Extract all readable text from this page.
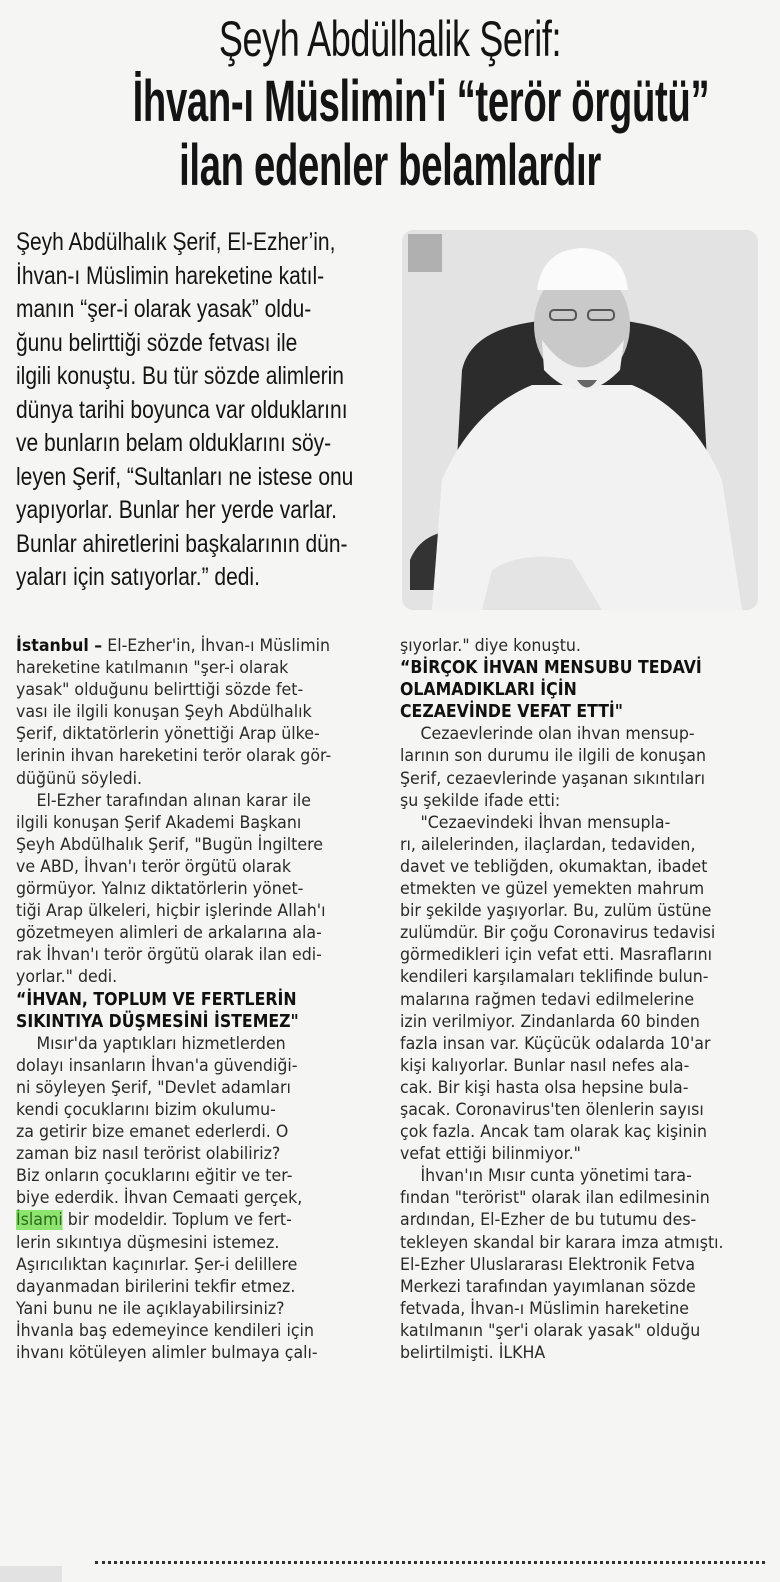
Şeyh Abdülhalik Şerif:
İhvan-ı Müslimin'i “terör örgütü”
ilan edenler belamlardır
Şeyh Abdülhalık Şerif, El-Ezher’in,
İhvan-ı Müslimin hareketine katıl-
manın “şer-i olarak yasak” oldu-
ğunu belirttiği sözde fetvası ile
ilgili konuştu. Bu tür sözde alimlerin
dünya tarihi boyunca var olduklarını
ve bunların belam olduklarını söy-
leyen Şerif, “Sultanları ne istese onu
yapıyorlar. Bunlar her yerde varlar.
Bunlar ahiretlerini başkalarının dün-
yaları için satıyorlar.” dedi.
İstanbul – El-Ezher'in, İhvan-ı Müslimin
hareketine katılmanın "şer-i olarak
yasak" olduğunu belirttiği sözde fet-
vası ile ilgili konuşan Şeyh Abdülhalık
Şerif, diktatörlerin yönettiği Arap ülke-
lerinin ihvan hareketini terör olarak gör-
düğünü söyledi.
El-Ezher tarafından alınan karar ile
ilgili konuşan Şerif Akademi Başkanı
Şeyh Abdülhalık Şerif, "Bugün İngiltere
ve ABD, İhvan'ı terör örgütü olarak
görmüyor. Yalnız diktatörlerin yönet-
tiği Arap ülkeleri, hiçbir işlerinde Allah'ı
gözetmeyen alimleri de arkalarına ala-
rak İhvan'ı terör örgütü olarak ilan edi-
yorlar." dedi.
“İHVAN, TOPLUM VE FERTLERİN
SIKINTIYA DÜŞMESİNİ İSTEMEZ"
Mısır'da yaptıkları hizmetlerden
dolayı insanların İhvan'a güvendiği-
ni söyleyen Şerif, "Devlet adamları
kendi çocuklarını bizim okulumu-
za getirir bize emanet ederlerdi. O
zaman biz nasıl terörist olabiliriz?
Biz onların çocuklarını eğitir ve ter-
biye ederdik. İhvan Cemaati gerçek,
İslami bir modeldir. Toplum ve fert-
lerin sıkıntıya düşmesini istemez.
Aşırıcılıktan kaçınırlar. Şer-i delillere
dayanmadan birilerini tekfir etmez.
Yani bunu ne ile açıklayabilirsiniz?
İhvanla baş edemeyince kendileri için
ihvanı kötüleyen alimler bulmaya çalı-
şıyorlar." diye konuştu.
“BİRÇOK İHVAN MENSUBU TEDAVİ
OLAMADIKLARI İÇİN
CEZAEVİNDE VEFAT ETTİ"
Cezaevlerinde olan ihvan mensup-
larının son durumu ile ilgili de konuşan
Şerif, cezaevlerinde yaşanan sıkıntıları
şu şekilde ifade etti:
"Cezaevindeki İhvan mensupla-
rı, ailelerinden, ilaçlardan, tedaviden,
davet ve tebliğden, okumaktan, ibadet
etmekten ve güzel yemekten mahrum
bir şekilde yaşıyorlar. Bu, zulüm üstüne
zulümdür. Bir çoğu Coronavirus tedavisi
görmedikleri için vefat etti. Masraflarını
kendileri karşılamaları teklifinde bulun-
malarına rağmen tedavi edilmelerine
izin verilmiyor. Zindanlarda 60 binden
fazla insan var. Küçücük odalarda 10'ar
kişi kalıyorlar. Bunlar nasıl nefes ala-
cak. Bir kişi hasta olsa hepsine bula-
şacak. Coronavirus'ten ölenlerin sayısı
çok fazla. Ancak tam olarak kaç kişinin
vefat ettiği bilinmiyor."
İhvan'ın Mısır cunta yönetimi tara-
fından "terörist" olarak ilan edilmesinin
ardından, El-Ezher de bu tutumu des-
tekleyen skandal bir karara imza atmıştı.
El-Ezher Uluslararası Elektronik Fetva
Merkezi tarafından yayımlanan sözde
fetvada, İhvan-ı Müslimin hareketine
katılmanın "şer'i olarak yasak" olduğu
belirtilmişti. İLKHA
